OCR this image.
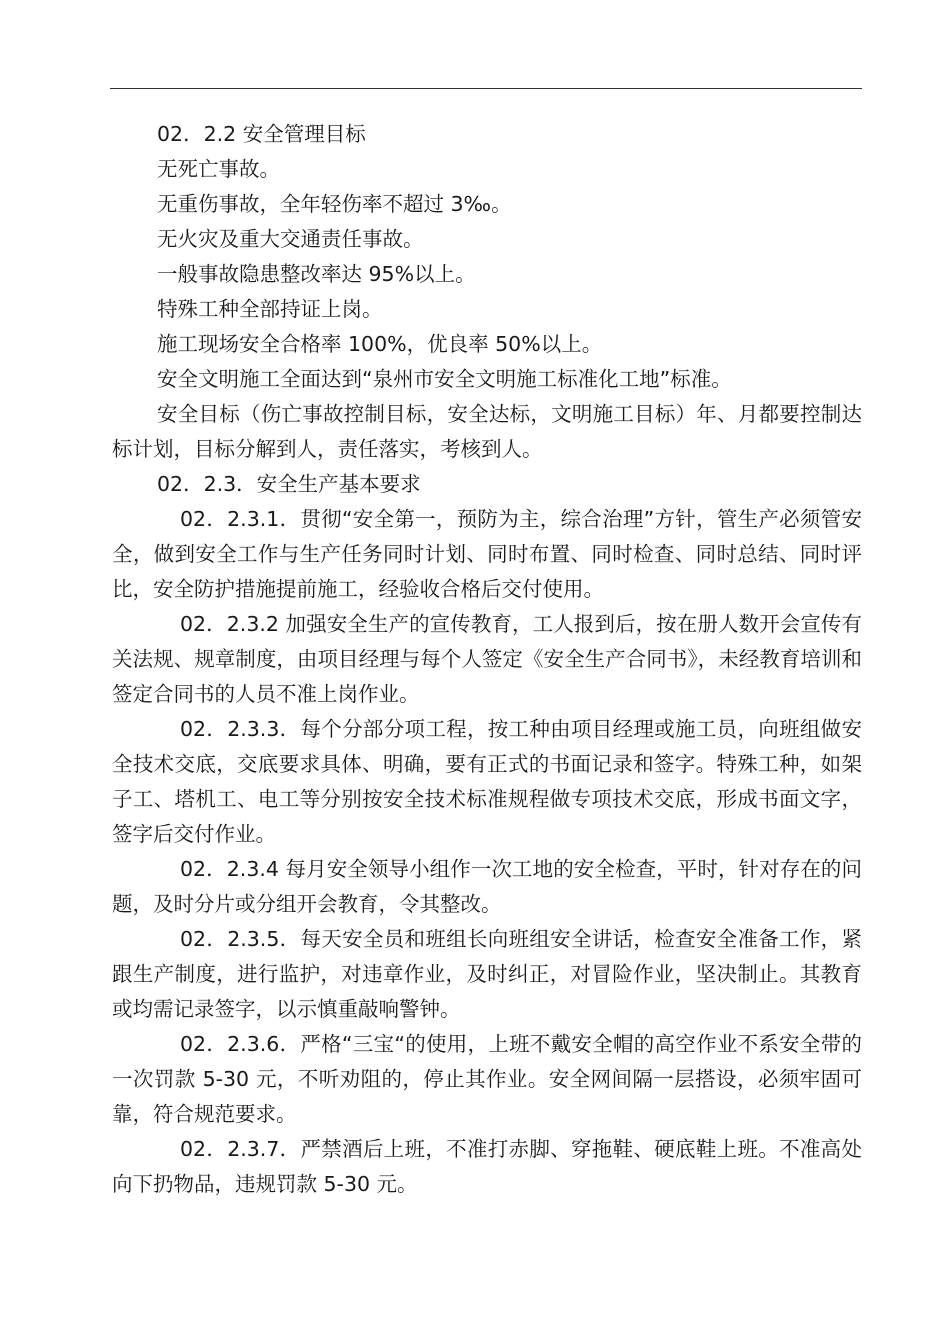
02．2.2 安全管理目标

无死亡事故。

无重伤事故，全年轻伤率不超过 3‰。

无火灾及重大交通责任事故。

一般事故隐患整改率达 95%以上。

特殊工种全部持证上岗。

施工现场安全合格率 100%，优良率 50%以上。

安全文明施工全面达到“泉州市安全文明施工标准化工地”标准。

安全目标（伤亡事故控制目标，安全达标，文明施工目标）年、月都要控制达标计划，目标分解到人，责任落实，考核到人。

02．2.3．安全生产基本要求

02．2.3.1．贯彻“安全第一，预防为主，综合治理”方针，管生产必须管安全，做到安全工作与生产任务同时计划、同时布置、同时检查、同时总结、同时评比，安全防护措施提前施工，经验收合格后交付使用。

02．2.3.2 加强安全生产的宣传教育，工人报到后，按在册人数开会宣传有关法规、规章制度，由项目经理与每个人签定《安全生产合同书》，未经教育培训和签定合同书的人员不准上岗作业。

02．2.3.3．每个分部分项工程，按工种由项目经理或施工员，向班组做安全技术交底，交底要求具体、明确，要有正式的书面记录和签字。特殊工种，如架子工、塔机工、电工等分别按安全技术标准规程做专项技术交底，形成书面文字，签字后交付作业。

02．2.3.4 每月安全领导小组作一次工地的安全检查，平时，针对存在的问题，及时分片或分组开会教育，令其整改。

02．2.3.5．每天安全员和班组长向班组安全讲话，检查安全准备工作，紧跟生产制度，进行监护，对违章作业，及时纠正，对冒险作业，坚决制止。其教育或均需记录签字，以示慎重敲响警钟。

02．2.3.6．严格“三宝“的使用，上班不戴安全帽的高空作业不系安全带的一次罚款 5-30 元，不听劝阻的，停止其作业。安全网间隔一层搭设，必须牢固可靠，符合规范要求。

02．2.3.7．严禁酒后上班，不准打赤脚、穿拖鞋、硬底鞋上班。不准高处向下扔物品，违规罚款 5-30 元。
